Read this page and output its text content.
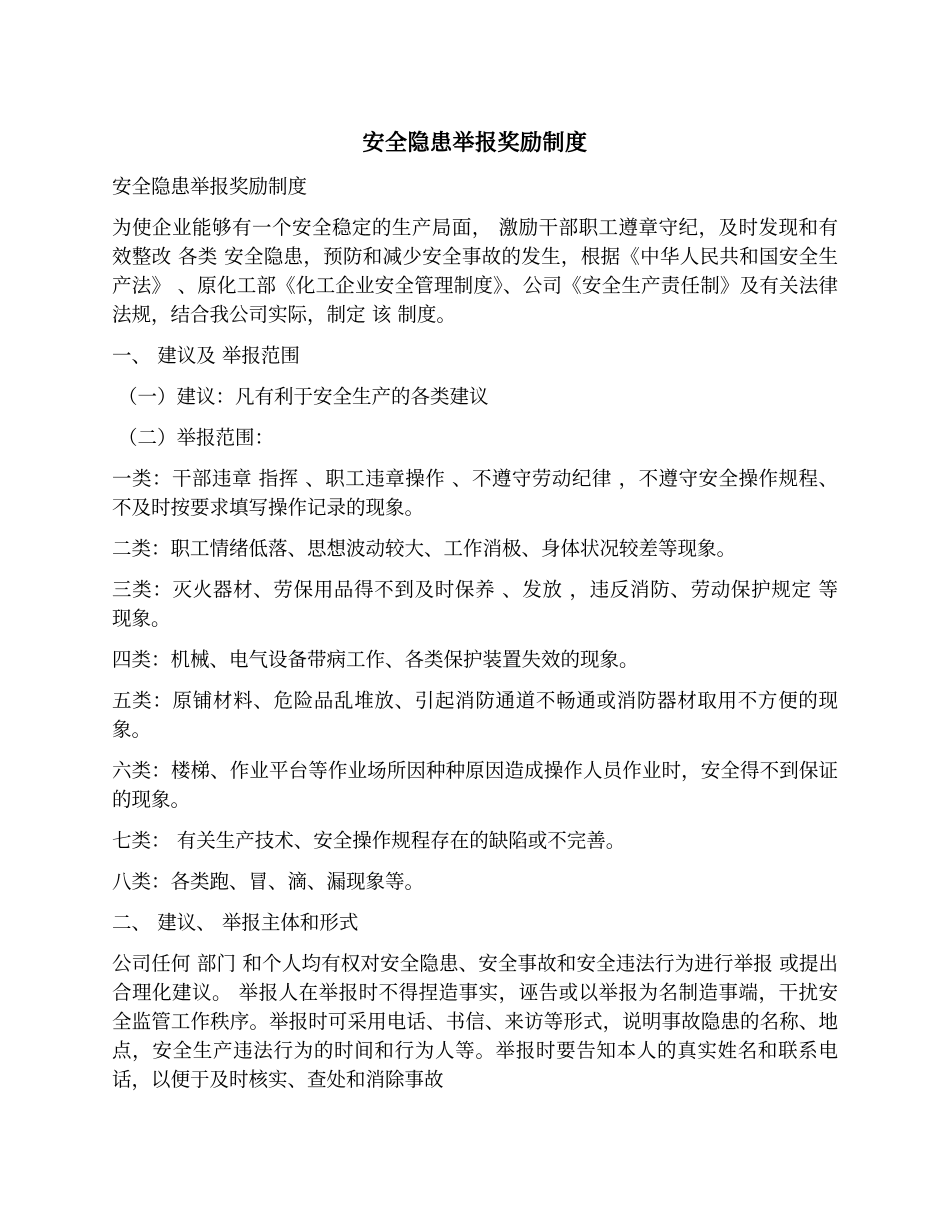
安全隐患举报奖励制度

安全隐患举报奖励制度

为使企业能够有一个安全稳定的生产局面， 激励干部职工遵章守纪，及时发现和有效整改 各类 安全隐患，预防和减少安全事故的发生，根据《中华人民共和国安全生产法》 、原化工部《化工企业安全管理制度》、公司《安全生产责任制》及有关法律法规，结合我公司实际，制定 该 制度。

一、 建议及 举报范围

（一）建议：凡有利于安全生产的各类建议

（二）举报范围：

一类：干部违章 指挥 、职工违章操作 、不遵守劳动纪律 ，不遵守安全操作规程、不及时按要求填写操作记录的现象。

二类：职工情绪低落、思想波动较大、工作消极、身体状况较差等现象。

三类：灭火器材、劳保用品得不到及时保养 、发放 ，违反消防、劳动保护规定 等 现象。

四类：机械、电气设备带病工作、各类保护装置失效的现象。

五类：原铺材料、危险品乱堆放、引起消防通道不畅通或消防器材取用不方便的现象。

六类：楼梯、作业平台等作业场所因种种原因造成操作人员作业时，安全得不到保证的现象。

七类： 有关生产技术、安全操作规程存在的缺陷或不完善。

八类：各类跑、冒、滴、漏现象等。

二、 建议、 举报主体和形式

公司任何 部门 和个人均有权对安全隐患、安全事故和安全违法行为进行举报 或提出合理化建议。 举报人在举报时不得捏造事实，诬告或以举报为名制造事端，干扰安全监管工作秩序。举报时可采用电话、书信、来访等形式，说明事故隐患的名称、地点，安全生产违法行为的时间和行为人等。举报时要告知本人的真实姓名和联系电话，以便于及时核实、查处和消除事故
